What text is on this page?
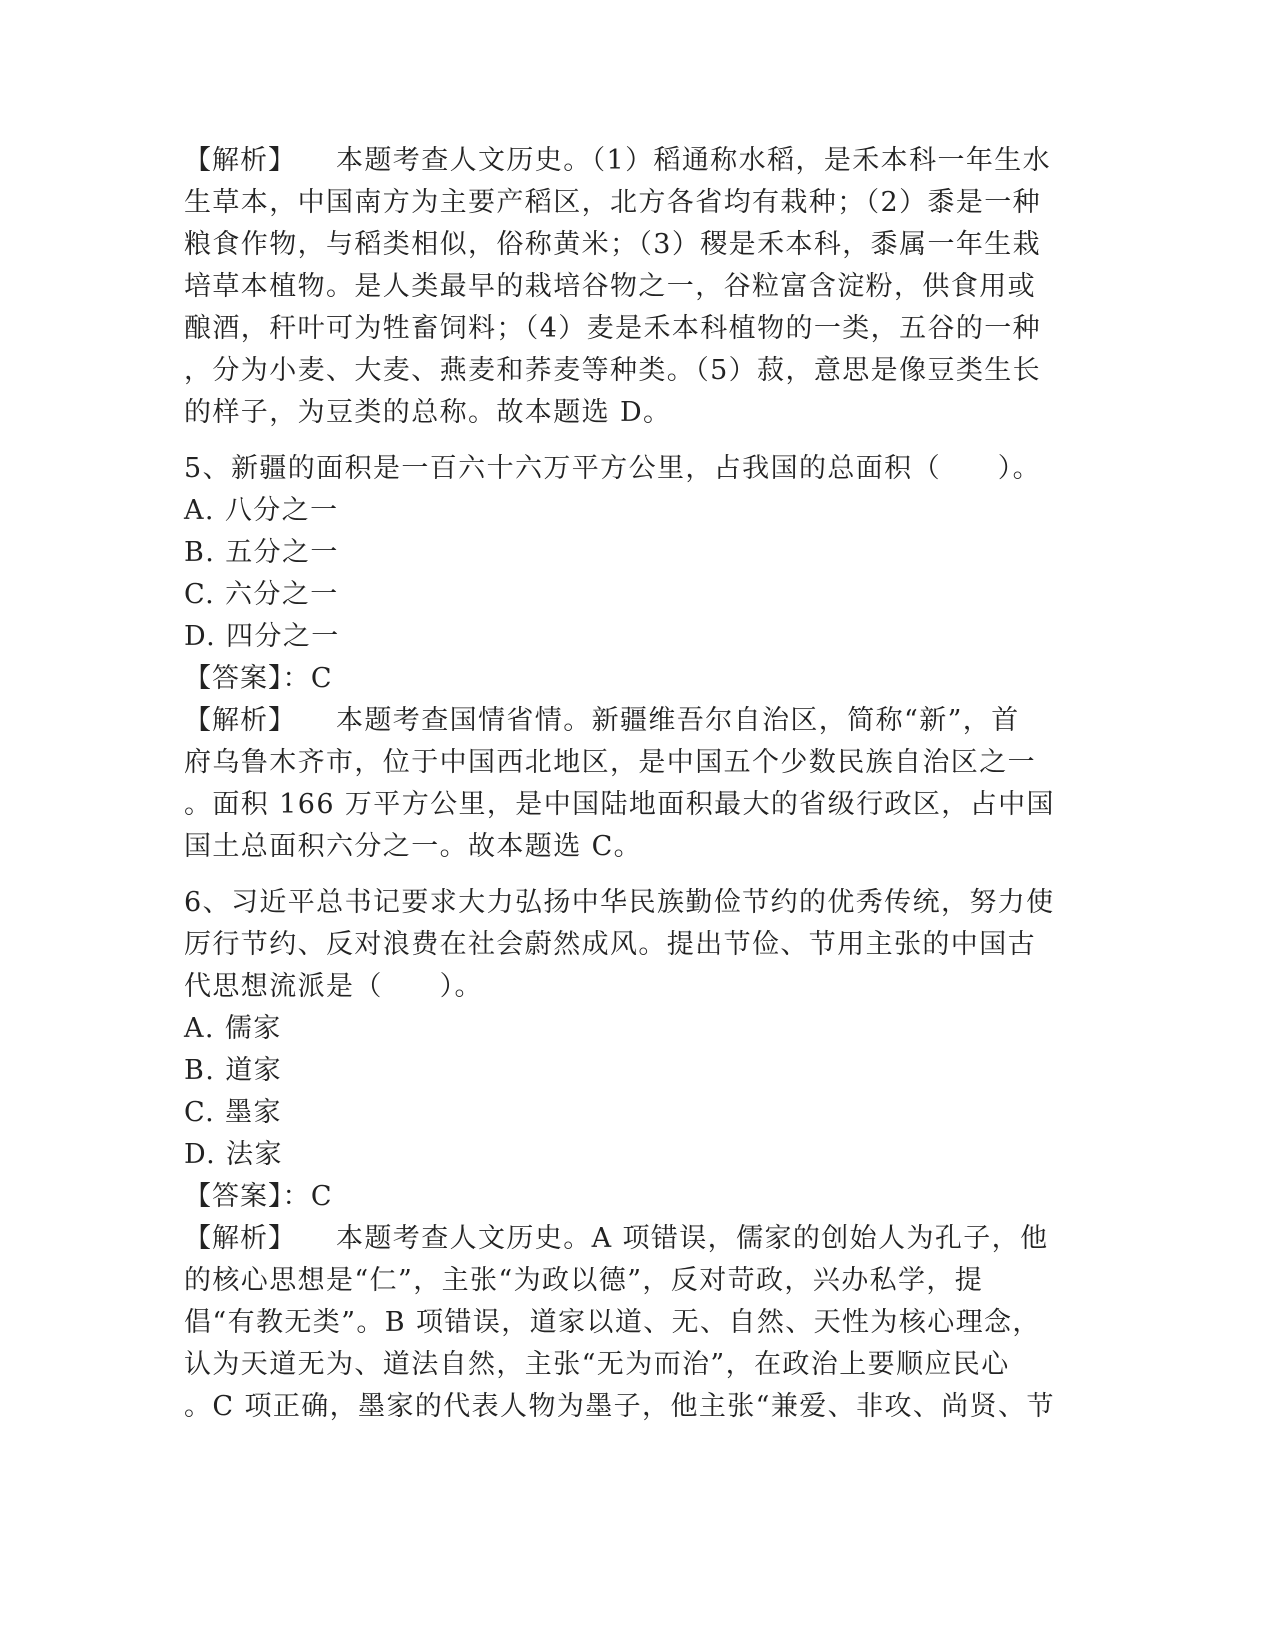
【解析】 本题考查人文历史。（1）稻通称水稻，是禾本科一年生水
生草本，中国南方为主要产稻区，北方各省均有栽种；（2）黍是一种
粮食作物，与稻类相似，俗称黄米；（3）稷是禾本科，黍属一年生栽
培草本植物。是人类最早的栽培谷物之一，谷粒富含淀粉，供食用或
酿酒，秆叶可为牲畜饲料；（4）麦是禾本科植物的一类，五谷的一种
，分为小麦、大麦、燕麦和荞麦等种类。（5）菽，意思是像豆类生长
的样子，为豆类的总称。故本题选 D。
5、新疆的面积是一百六十六万平方公里，占我国的总面积（　　）。
A. 八分之一
B. 五分之一
C. 六分之一
D. 四分之一
【答案】：C
【解析】 本题考查国情省情。新疆维吾尔自治区，简称“新”，首
府乌鲁木齐市，位于中国西北地区，是中国五个少数民族自治区之一
。面积 166 万平方公里，是中国陆地面积最大的省级行政区，占中国
国土总面积六分之一。故本题选 C。
6、习近平总书记要求大力弘扬中华民族勤俭节约的优秀传统，努力使
厉行节约、反对浪费在社会蔚然成风。提出节俭、节用主张的中国古
代思想流派是（　　）。
A. 儒家
B. 道家
C. 墨家
D. 法家
【答案】：C
【解析】 本题考查人文历史。A 项错误，儒家的创始人为孔子，他
的核心思想是“仁”，主张“为政以德”，反对苛政，兴办私学，提
倡“有教无类”。B 项错误，道家以道、无、自然、天性为核心理念，
认为天道无为、道法自然，主张“无为而治”，在政治上要顺应民心
。C 项正确，墨家的代表人物为墨子，他主张“兼爱、非攻、尚贤、节
